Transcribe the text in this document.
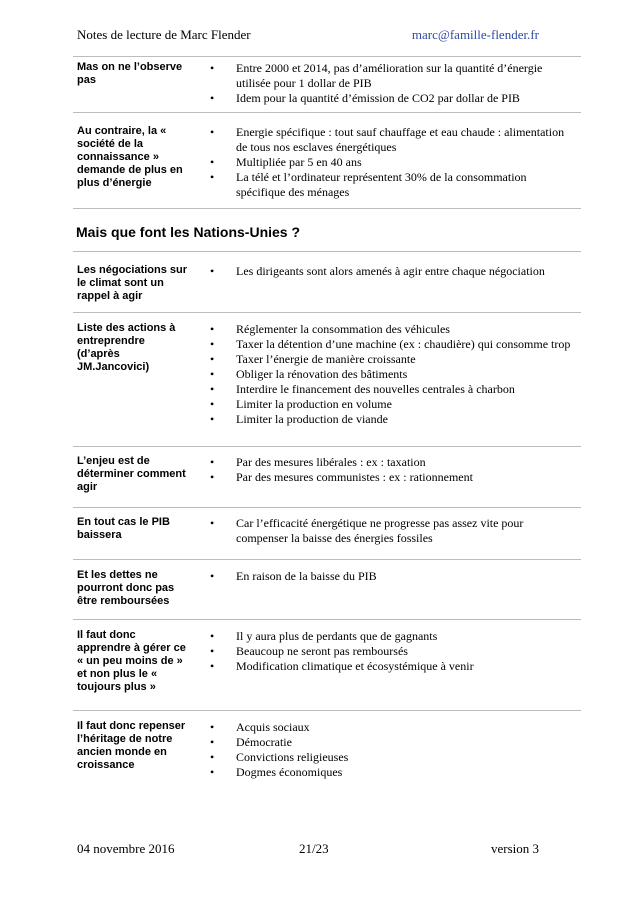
Notes de lecture de Marc Flender	marc@famille-flender.fr
Mas on ne l’observe pas
• Entre 2000 et 2014, pas d’amélioration sur la quantité d’énergie utilisée pour 1 dollar de PIB
• Idem pour la quantité d’émission de CO2 par dollar de PIB
Au contraire, la « société de la connaissance » demande de plus en plus d’énergie
• Energie spécifique : tout sauf chauffage et eau chaude : alimentation de tous nos esclaves énergétiques
• Multipliée par 5 en 40 ans
• La télé et l’ordinateur représentent 30% de la consommation spécifique des ménages
Mais que font les Nations-Unies ?
Les négociations sur le climat sont un rappel à agir
• Les dirigeants sont alors amenés à agir entre chaque négociation
Liste des actions à entreprendre (d’après JM.Jancovici)
• Réglementer la consommation des véhicules
• Taxer la détention d’une machine (ex : chaudière) qui consomme trop
• Taxer l’énergie de manière croissante
• Obliger la rénovation des bâtiments
• Interdire le financement des nouvelles centrales à charbon
• Limiter la production en volume
• Limiter la production de viande
L’enjeu est de déterminer comment agir
• Par des mesures libérales : ex : taxation
• Par des mesures communistes : ex : rationnement
En tout cas le PIB baissera
• Car l’efficacité énergétique ne progresse pas assez vite pour compenser la baisse des énergies fossiles
Et les dettes ne pourront donc pas être remboursées
• En raison de la baisse du PIB
Il faut donc apprendre à gérer ce « un peu moins de » et non plus le « toujours plus »
• Il y aura plus de perdants que de gagnants
• Beaucoup ne seront pas remboursés
• Modification climatique et écosystémique à venir
Il faut donc repenser l’héritage de notre ancien monde en croissance
• Acquis sociaux
• Démocratie
• Convictions religieuses
• Dogmes économiques
04 novembre 2016	21/23	version 3
